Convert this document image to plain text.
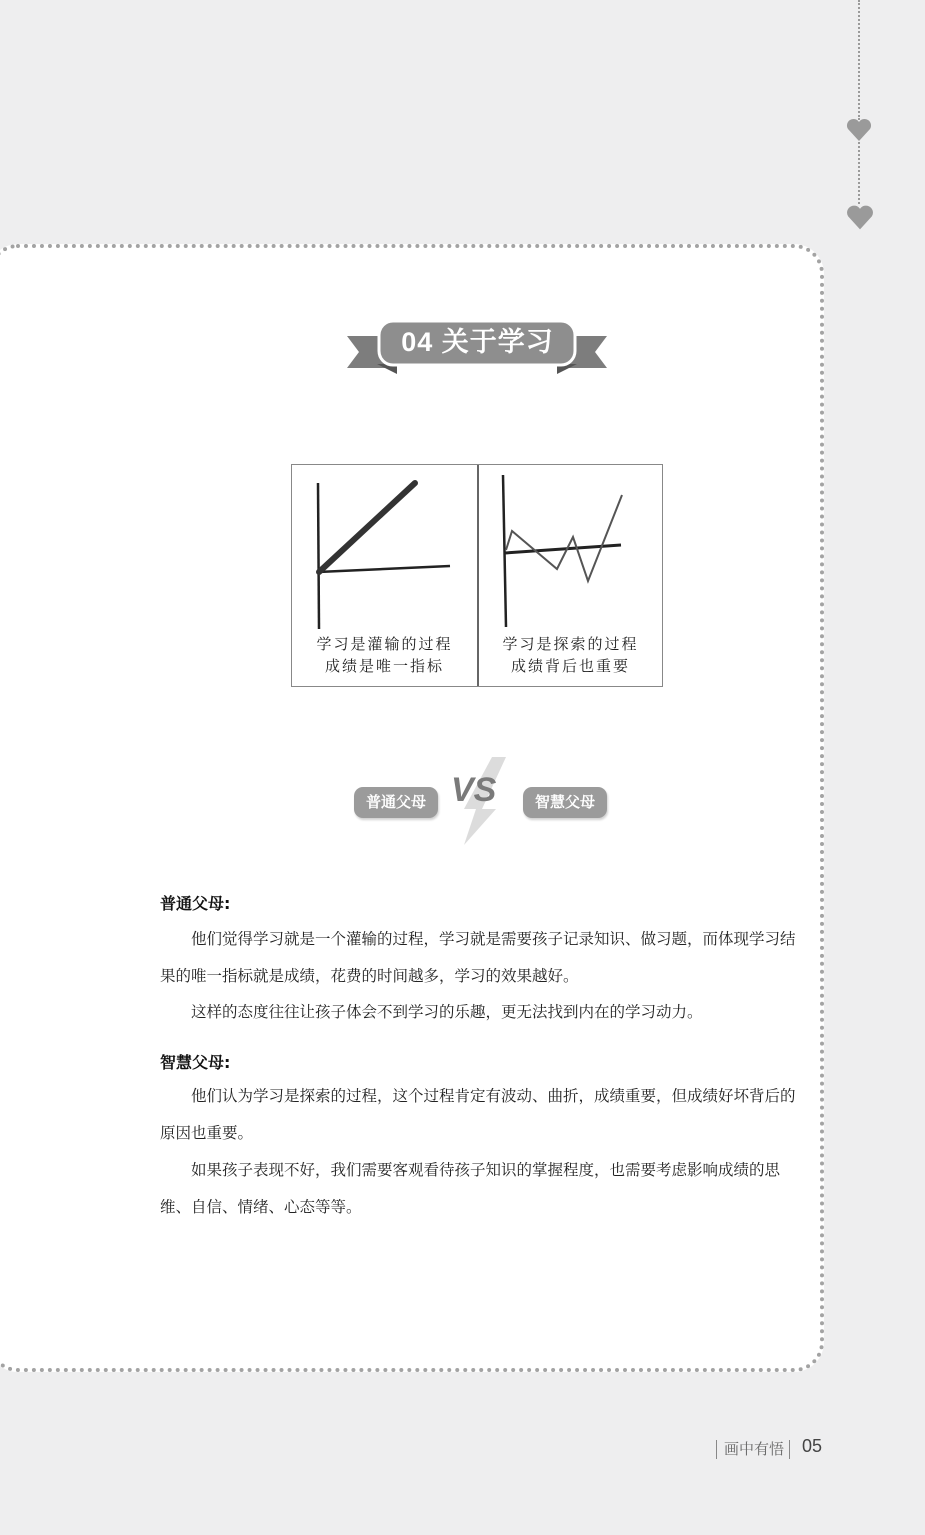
04 关于学习
学习是灌输的过程
成绩是唯一指标
学习是探索的过程
成绩背后也重要
普通父母 VS	智慧父母
普通父母:
他们觉得学习就是一个灌输的过程，学习就是需要孩子记录知识、做习题，而体现学习结果的唯一指标就是成绩，花费的时间越多，学习的效果越好。
这样的态度往往让孩子体会不到学习的乐趣，更无法找到内在的学习动力。
智慧父母:
他们认为学习是探索的过程，这个过程肯定有波动、曲折，成绩重要，但成绩好坏背后的原因也重要。
如果孩子表现不好，我们需要客观看待孩子知识的掌握程度，也需要考虑影响成绩的思维、自信、情绪、心态等等。
画中有悟 05
